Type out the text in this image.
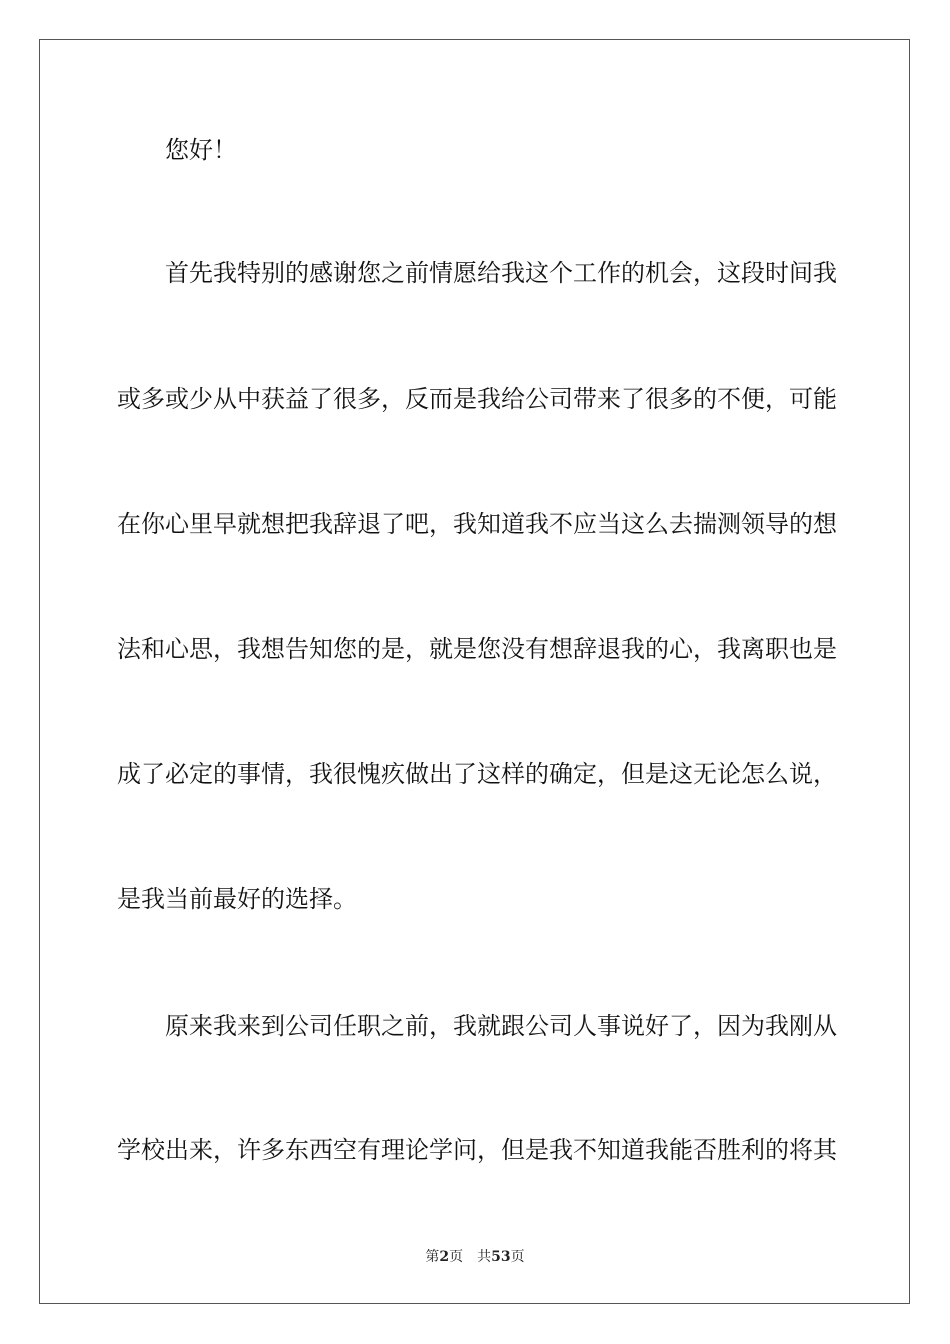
您好！
首先我特别的感谢您之前情愿给我这个工作的机会，这段时间我
或多或少从中获益了很多，反而是我给公司带来了很多的不便，可能
在你心里早就想把我辞退了吧，我知道我不应当这么去揣测领导的想
法和心思，我想告知您的是，就是您没有想辞退我的心，我离职也是
成了必定的事情，我很愧疚做出了这样的确定，但是这无论怎么说，
是我当前最好的选择。
原来我来到公司任职之前，我就跟公司人事说好了，因为我刚从
学校出来，许多东西空有理论学问，但是我不知道我能否胜利的将其
第2页 共53页
